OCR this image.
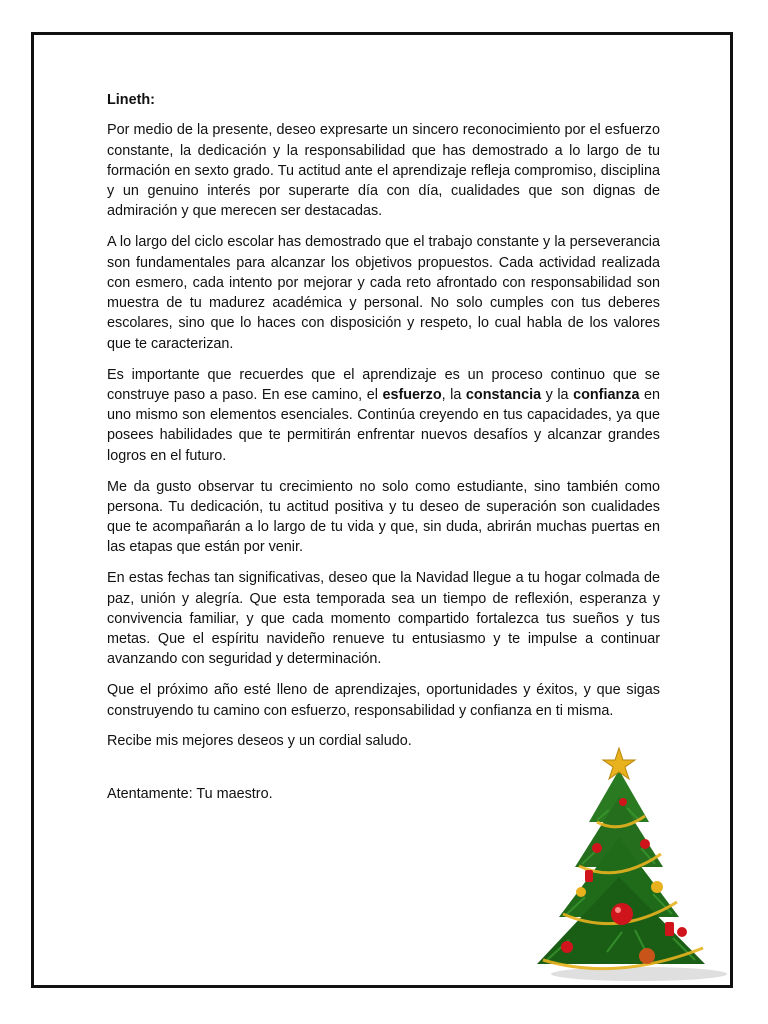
Lineth:

Por medio de la presente, deseo expresarte un sincero reconocimiento por el esfuerzo constante, la dedicación y la responsabilidad que has demostrado a lo largo de tu formación en sexto grado. Tu actitud ante el aprendizaje refleja compromiso, disciplina y un genuino interés por superarte día con día, cualidades que son dignas de admiración y que merecen ser destacadas.

A lo largo del ciclo escolar has demostrado que el trabajo constante y la perseverancia son fundamentales para alcanzar los objetivos propuestos. Cada actividad realizada con esmero, cada intento por mejorar y cada reto afrontado con responsabilidad son muestra de tu madurez académica y personal. No solo cumples con tus deberes escolares, sino que lo haces con disposición y respeto, lo cual habla de los valores que te caracterizan.

Es importante que recuerdes que el aprendizaje es un proceso continuo que se construye paso a paso. En ese camino, el esfuerzo, la constancia y la confianza en uno mismo son elementos esenciales. Continúa creyendo en tus capacidades, ya que posees habilidades que te permitirán enfrentar nuevos desafíos y alcanzar grandes logros en el futuro.

Me da gusto observar tu crecimiento no solo como estudiante, sino también como persona. Tu dedicación, tu actitud positiva y tu deseo de superación son cualidades que te acompañarán a lo largo de tu vida y que, sin duda, abrirán muchas puertas en las etapas que están por venir.

En estas fechas tan significativas, deseo que la Navidad llegue a tu hogar colmada de paz, unión y alegría. Que esta temporada sea un tiempo de reflexión, esperanza y convivencia familiar, y que cada momento compartido fortalezca tus sueños y tus metas. Que el espíritu navideño renueve tu entusiasmo y te impulse a continuar avanzando con seguridad y determinación.

Que el próximo año esté lleno de aprendizajes, oportunidades y éxitos, y que sigas construyendo tu camino con esfuerzo, responsabilidad y confianza en ti misma.

Recibe mis mejores deseos y un cordial saludo.

Atentamente: Tu maestro.
